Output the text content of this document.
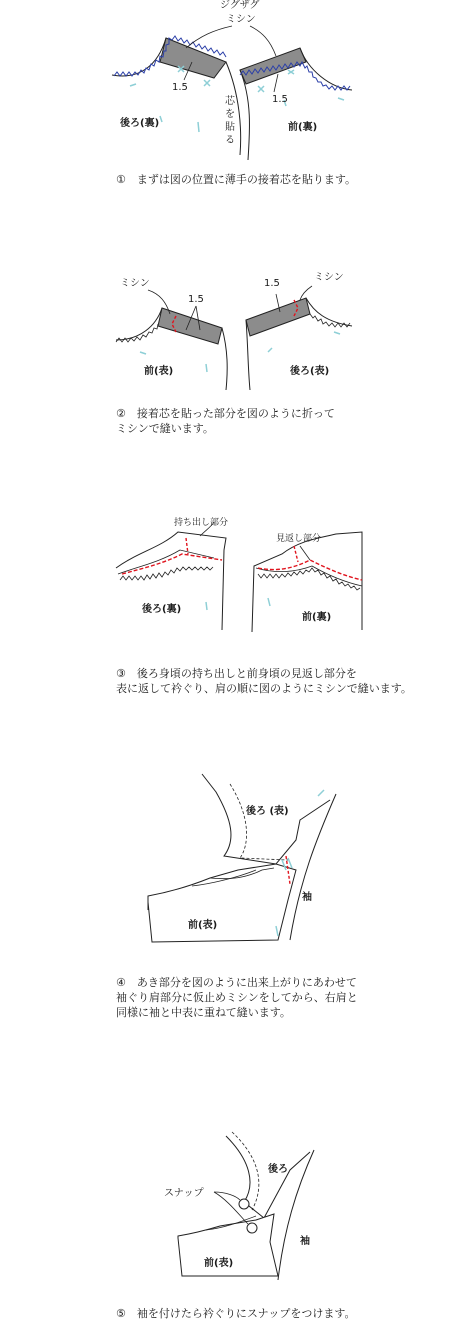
ジグザグ
ミシン
1.5
1.5
芯
を
貼
る
後ろ(裏)	前(裏)
①　 まずは図の位置に薄手の接着芯を貼ります。
ミシン
1.5
1.5
ミシン
前(表)	後ろ(表)
②　 接着芯を貼った部分を図のように折って
ミシンで縫います。
持ち出し部分
見返し部分
後ろ(裏)
前(裏)
③　 後ろ身頃の持ち出しと前身頃の見返し部分を
表に返して衿ぐり、肩の順に図のようにミシンで縫います。
後ろ (表)
袖
前(表)
④　 あき部分を図のように出来上がりにあわせて
袖ぐり肩部分に仮止めミシンをしてから、右肩と
同様に袖と中表に重ねて縫います。
後ろ
スナップ
袖
前(表)
⑤　 袖を付けたら衿ぐりにスナップをつけます。
